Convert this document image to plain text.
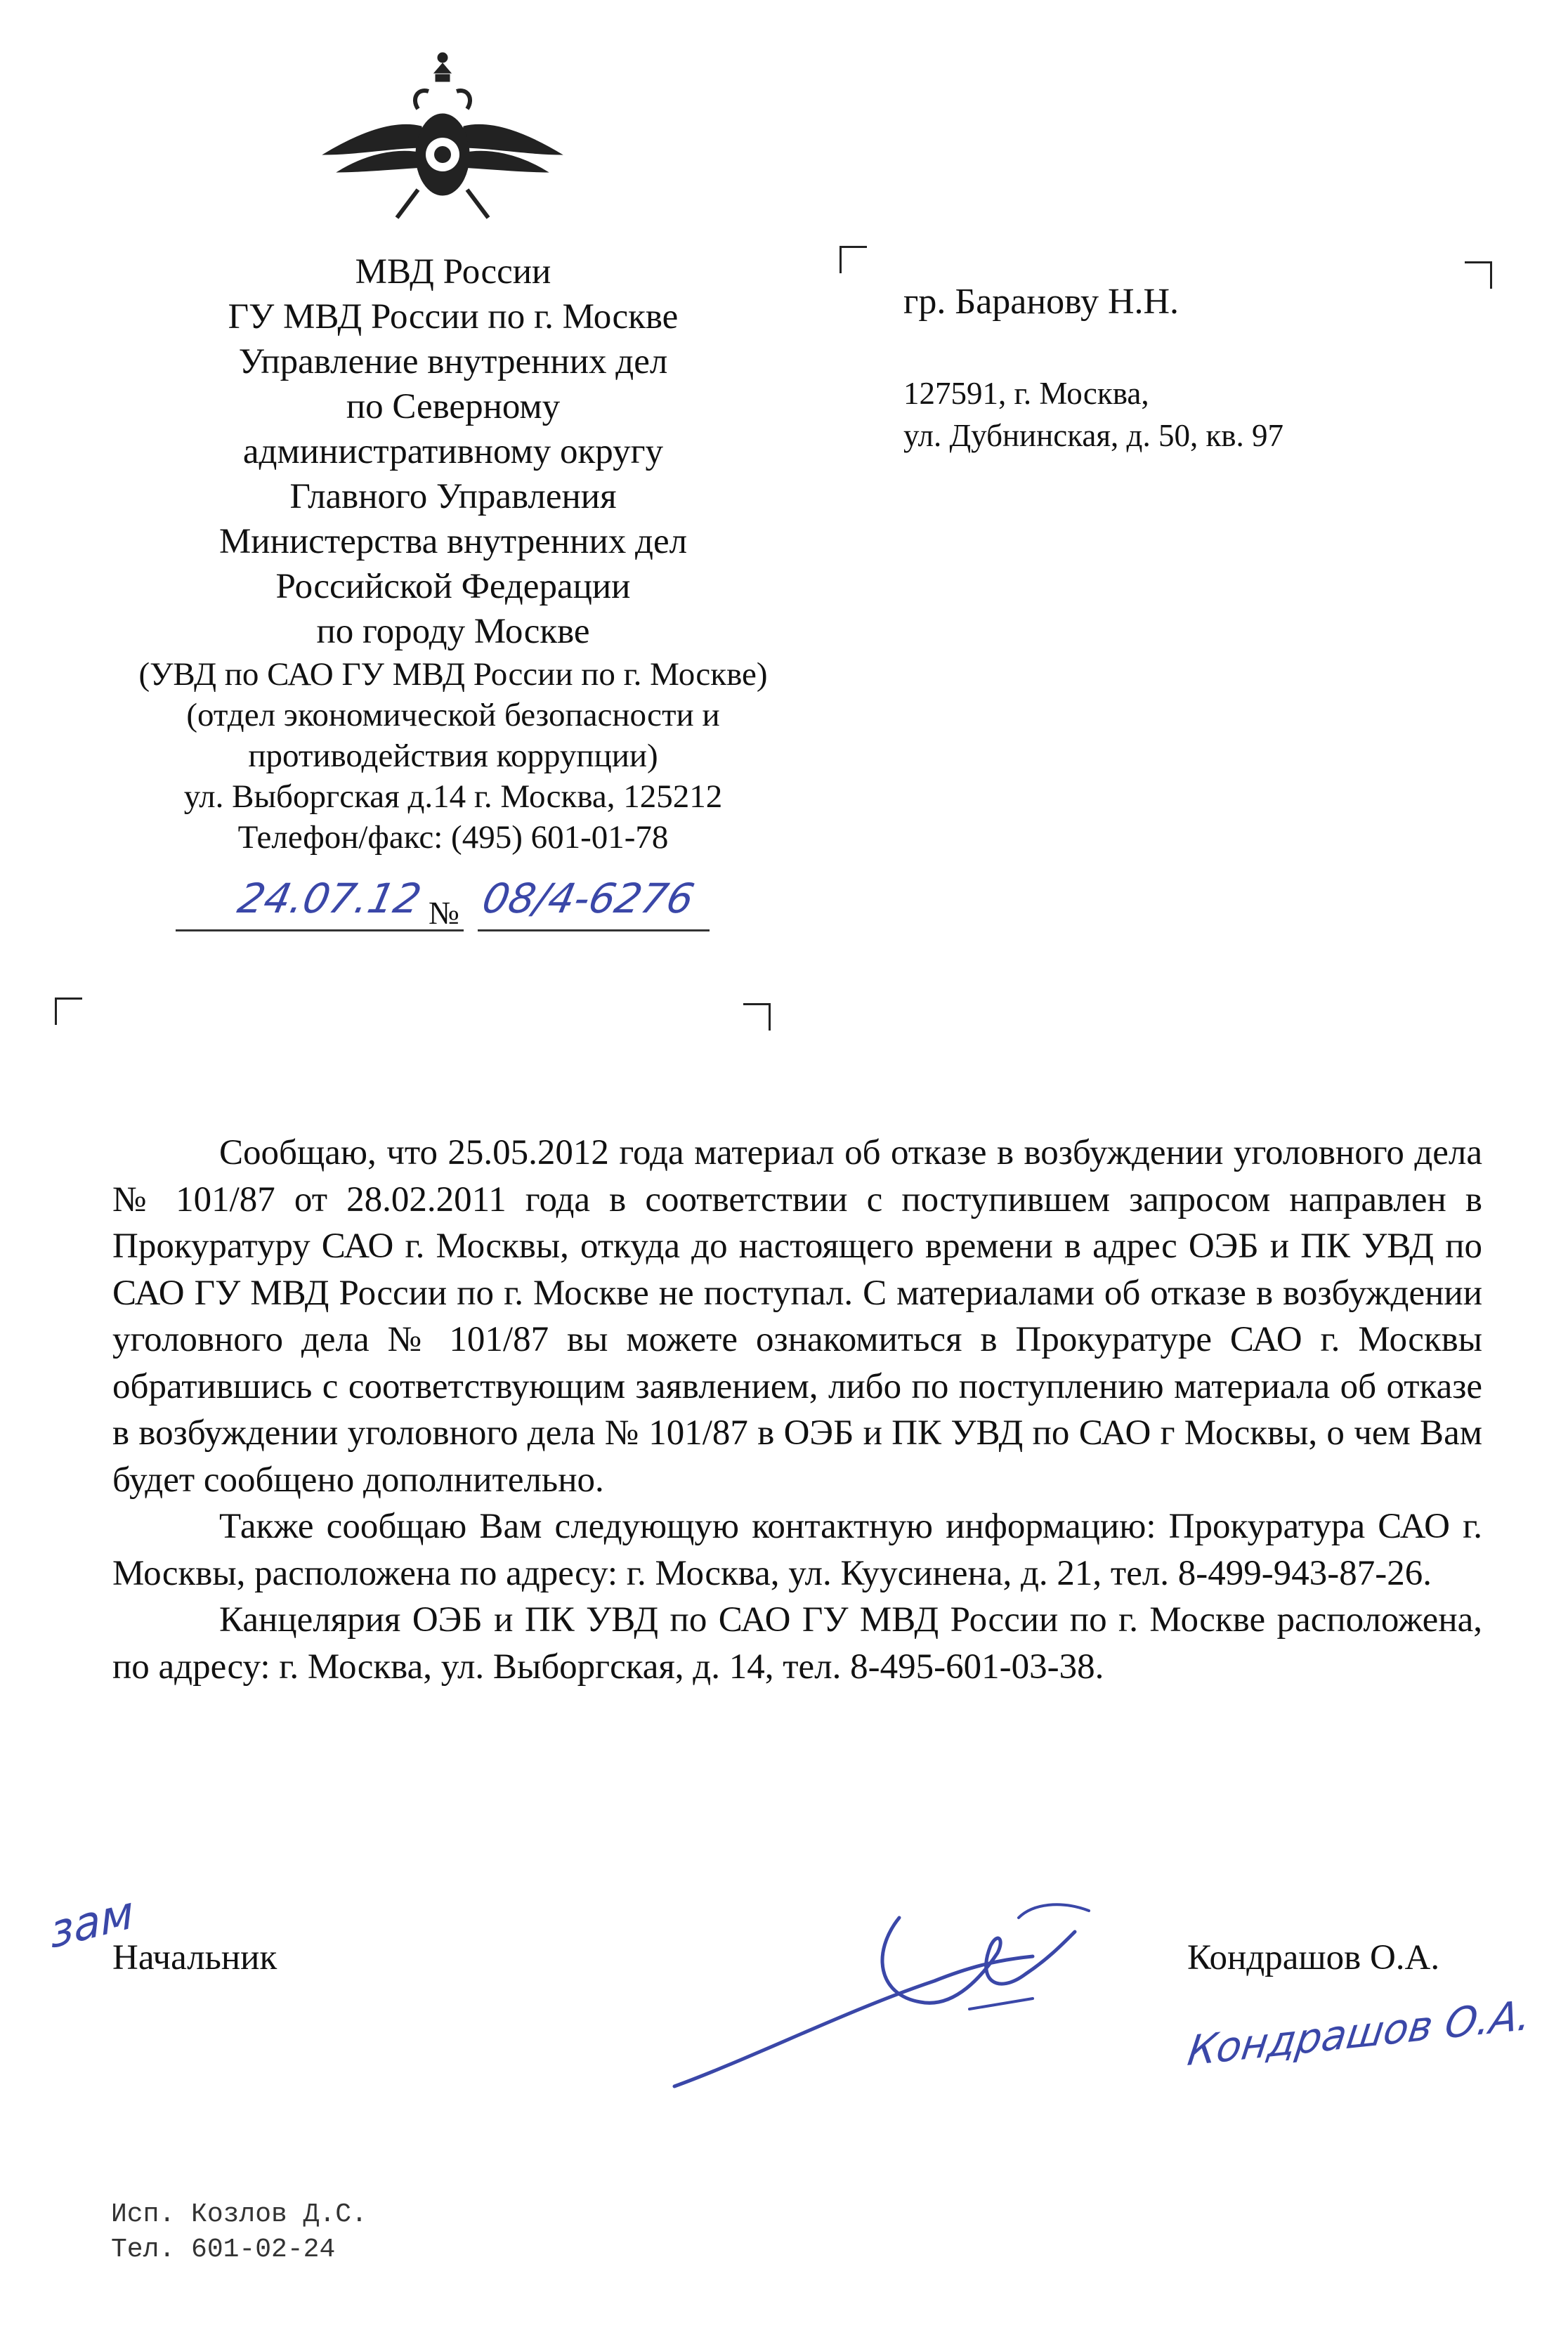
МВД России
ГУ МВД России по г. Москве
Управление внутренних дел
по Северному
административному округу
Главного Управления
Министерства внутренних дел
Российской Федерации
по городу Москве
(УВД по САО ГУ МВД России по г. Москве)
(отдел экономической безопасности и
противодействия коррупции)
ул. Выборгская д.14 г. Москва, 125212
Телефон/факс: (495) 601-01-78
24.07.12 № 08/4-6276
гр. Баранову Н.Н.
127591, г. Москва,
ул. Дубнинская, д. 50, кв. 97

Сообщаю, что 25.05.2012 года материал об отказе в возбуждении уголовного дела № 101/87 от 28.02.2011 года в соответствии с поступившем запросом направлен в Прокуратуру САО г. Москвы, откуда до настоящего времени в адрес ОЭБ и ПК УВД по САО ГУ МВД России по г. Москве не поступал. С материалами об отказе в возбуждении уголовного дела № 101/87 вы можете ознакомиться в Прокуратуре САО г. Москвы обратившись с соответствующим заявлением, либо по поступлению материала об отказе в возбуждении уголовного дела № 101/87 в ОЭБ и ПК УВД по САО г Москвы, о чем Вам будет сообщено дополнительно.

Также сообщаю Вам следующую контактную информацию: Прокуратура САО г. Москвы, расположена по адресу: г. Москва, ул. Куусинена, д. 21, тел. 8-499-943-87-26.

Канцелярия ОЭБ и ПК УВД по САО ГУ МВД России по г. Москве расположена, по адресу: г. Москва, ул. Выборгская, д. 14, тел. 8-495-601-03-38.

зам
Начальник	Кондрашов О.А.
Кондрашов О.А.
Исп. Козлов Д.С.
Тел. 601-02-24
